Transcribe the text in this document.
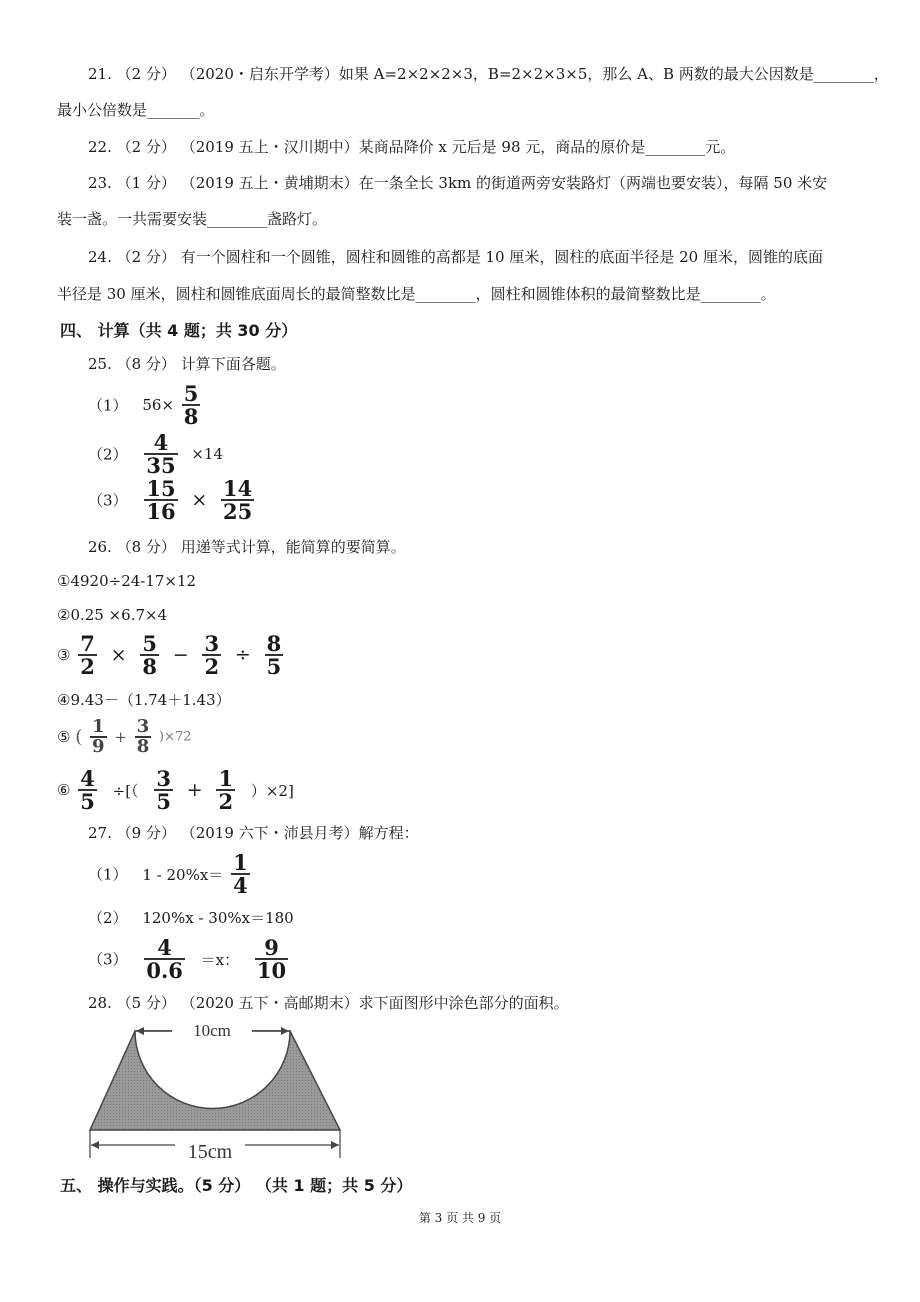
21. （2 分） （2020・启东开学考）如果 A=2×2×2×3，B=2×2×3×5，那么 A、B 两数的最大公因数是________，
最小公倍数是_______。
22. （2 分） （2019 五上・汉川期中）某商品降价 x 元后是 98 元，商品的原价是________元。
23. （1 分） （2019 五上・黄埔期末）在一条全长 3km 的街道两旁安装路灯（两端也要安装），每隔 50 米安
装一盏。一共需要安装________盏路灯。
24. （2 分） 有一个圆柱和一个圆锥，圆柱和圆锥的高都是 10 厘米，圆柱的底面半径是 20 厘米，圆锥的底面
半径是 30 厘米，圆柱和圆锥底面周长的最简整数比是________，圆柱和圆锥体积的最简整数比是________。
四、 计算（共 4 题；共 30 分）
25. （8 分） 计算下面各题。
（1） $56\times \frac{5}{8}$
$(2) \frac{4}{35} \times 14$
$(3) \frac{15}{16} \times \frac{14}{25}$
26. （8 分） 用递等式计算，能简算的要简算。
①4920÷24-17×12
②0.25 ×6.7×4
③ $\frac{7}{2} \times \frac{5}{8} - \frac{3}{2} \div \frac{8}{5}$
④9.43－（1.74＋1.43）
⑤ ( $\frac{1}{9} + \frac{3}{8} )\times 72$
⑥ $\frac{4}{5}$ ÷[（ $\frac{3}{5} + \frac{1}{2} )\times 2$]
27. （9 分） （2019 六下・沛县月考）解方程：
（1） $1 - 20\%x= \frac{1}{4}$
（2） 120%x - 30%x＝180
$(3) \frac{4}{0.6} =x$： $\frac{9}{10}$
28. （5 分） （2020 五下・高邮期末）求下面图形中涂色部分的面积。
10cm
15cm
五、 操作与实践。（5 分） （共 1 题；共 5 分）
第 3 页 共 9 页
